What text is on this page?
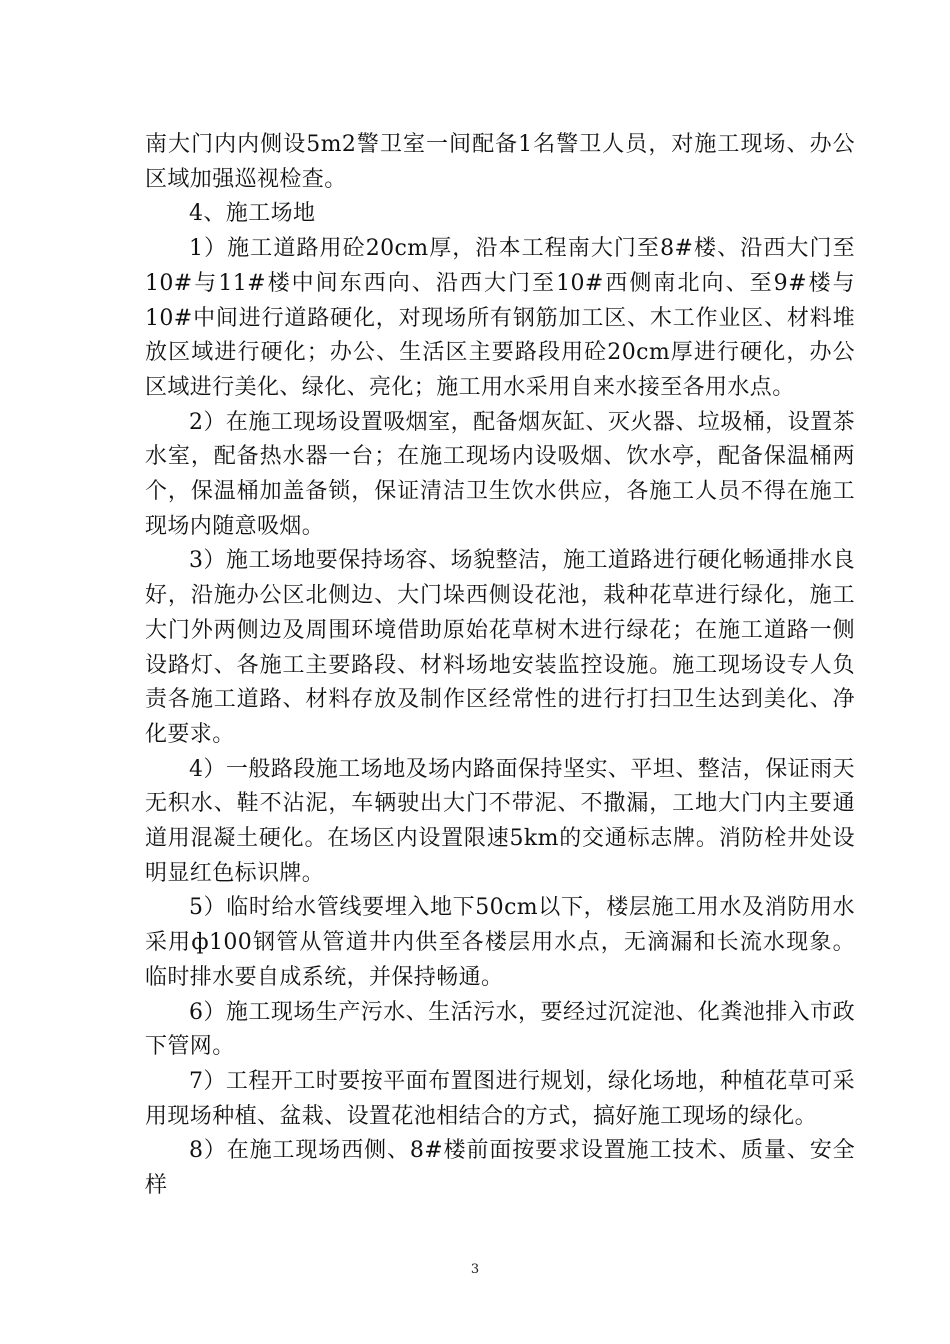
南大门内内侧设5m2警卫室一间配备1名警卫人员，对施工现场、办公区域加强巡视检查。

4、施工场地

1）施工道路用砼20cm厚，沿本工程南大门至8#楼、沿西大门至10#与11#楼中间东西向、沿西大门至10#西侧南北向、至9#楼与10#中间进行道路硬化，对现场所有钢筋加工区、木工作业区、材料堆放区域进行硬化；办公、生活区主要路段用砼20cm厚进行硬化，办公区域进行美化、绿化、亮化；施工用水采用自来水接至各用水点。

2）在施工现场设置吸烟室，配备烟灰缸、灭火器、垃圾桶，设置茶水室，配备热水器一台；在施工现场内设吸烟、饮水亭，配备保温桶两个，保温桶加盖备锁，保证清洁卫生饮水供应，各施工人员不得在施工现场内随意吸烟。

3）施工场地要保持场容、场貌整洁，施工道路进行硬化畅通排水良好，沿施办公区北侧边、大门垛西侧设花池，栽种花草进行绿化，施工大门外两侧边及周围环境借助原始花草树木进行绿花；在施工道路一侧设路灯、各施工主要路段、材料场地安装监控设施。施工现场设专人负责各施工道路、材料存放及制作区经常性的进行打扫卫生达到美化、净化要求。

4）一般路段施工场地及场内路面保持坚实、平坦、整洁，保证雨天无积水、鞋不沾泥，车辆驶出大门不带泥、不撒漏，工地大门内主要通道用混凝土硬化。在场区内设置限速5km的交通标志牌。消防栓井处设明显红色标识牌。

5）临时给水管线要埋入地下50cm以下，楼层施工用水及消防用水采用ф100钢管从管道井内供至各楼层用水点，无滴漏和长流水现象。临时排水要自成系统，并保持畅通。

6）施工现场生产污水、生活污水，要经过沉淀池、化粪池排入市政下管网。

7）工程开工时要按平面布置图进行规划，绿化场地，种植花草可采用现场种植、盆栽、设置花池相结合的方式，搞好施工现场的绿化。

8）在施工现场西侧、8#楼前面按要求设置施工技术、质量、安全样

3
